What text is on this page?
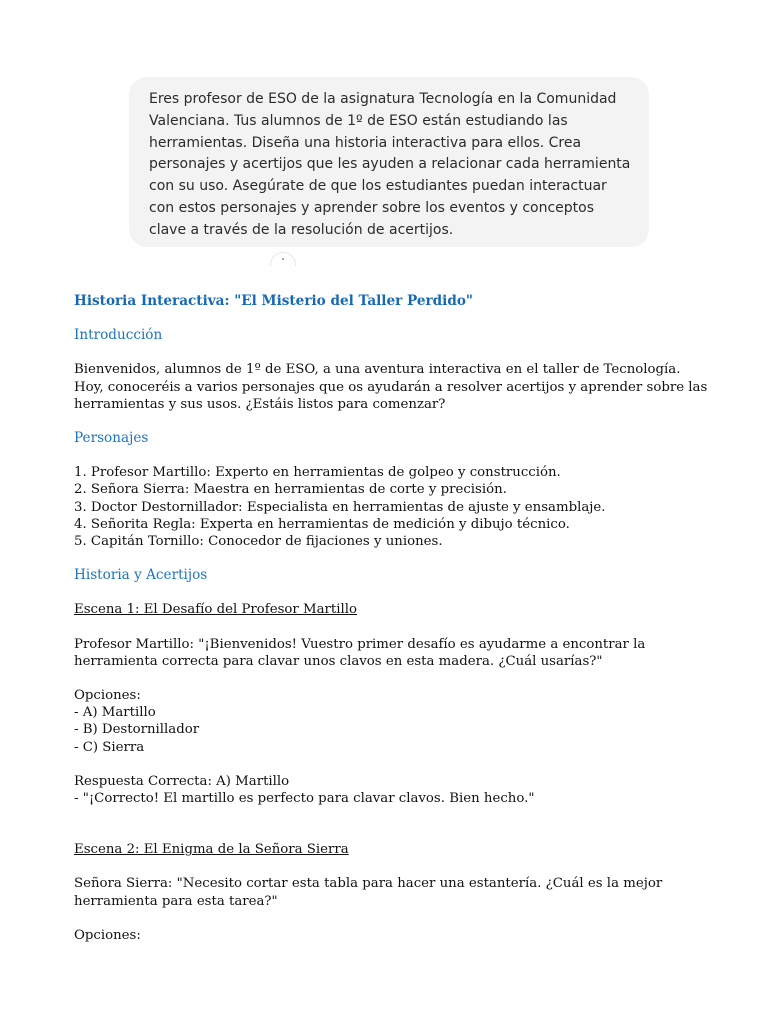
Eres profesor de ESO de la asignatura Tecnología en la Comunidad Valenciana. Tus alumnos de 1º de ESO están estudiando las herramientas. Diseña una historia interactiva para ellos. Crea personajes y acertijos que les ayuden a relacionar cada herramienta con su uso. Asegúrate de que los estudiantes puedan interactuar con estos personajes y aprender sobre los eventos y conceptos clave a través de la resolución de acertijos.

Historia Interactiva: "El Misterio del Taller Perdido"

Introducción

Bienvenidos, alumnos de 1º de ESO, a una aventura interactiva en el taller de Tecnología. Hoy, conoceréis a varios personajes que os ayudarán a resolver acertijos y aprender sobre las herramientas y sus usos. ¿Estáis listos para comenzar?

Personajes

1. Profesor Martillo: Experto en herramientas de golpeo y construcción.

2. Señora Sierra: Maestra en herramientas de corte y precisión.

3. Doctor Destornillador: Especialista en herramientas de ajuste y ensamblaje.

4. Señorita Regla: Experta en herramientas de medición y dibujo técnico.

5. Capitán Tornillo: Conocedor de fijaciones y uniones.

Historia y Acertijos

Escena 1: El Desafío del Profesor Martillo

Profesor Martillo: "¡Bienvenidos! Vuestro primer desafío es ayudarme a encontrar la herramienta correcta para clavar unos clavos en esta madera. ¿Cuál usarías?"

Opciones:

- A) Martillo

- B) Destornillador

- C) Sierra

Respuesta Correcta: A) Martillo

- "¡Correcto! El martillo es perfecto para clavar clavos. Bien hecho."

Escena 2: El Enigma de la Señora Sierra

Señora Sierra: "Necesito cortar esta tabla para hacer una estantería. ¿Cuál es la mejor herramienta para esta tarea?"

Opciones:
